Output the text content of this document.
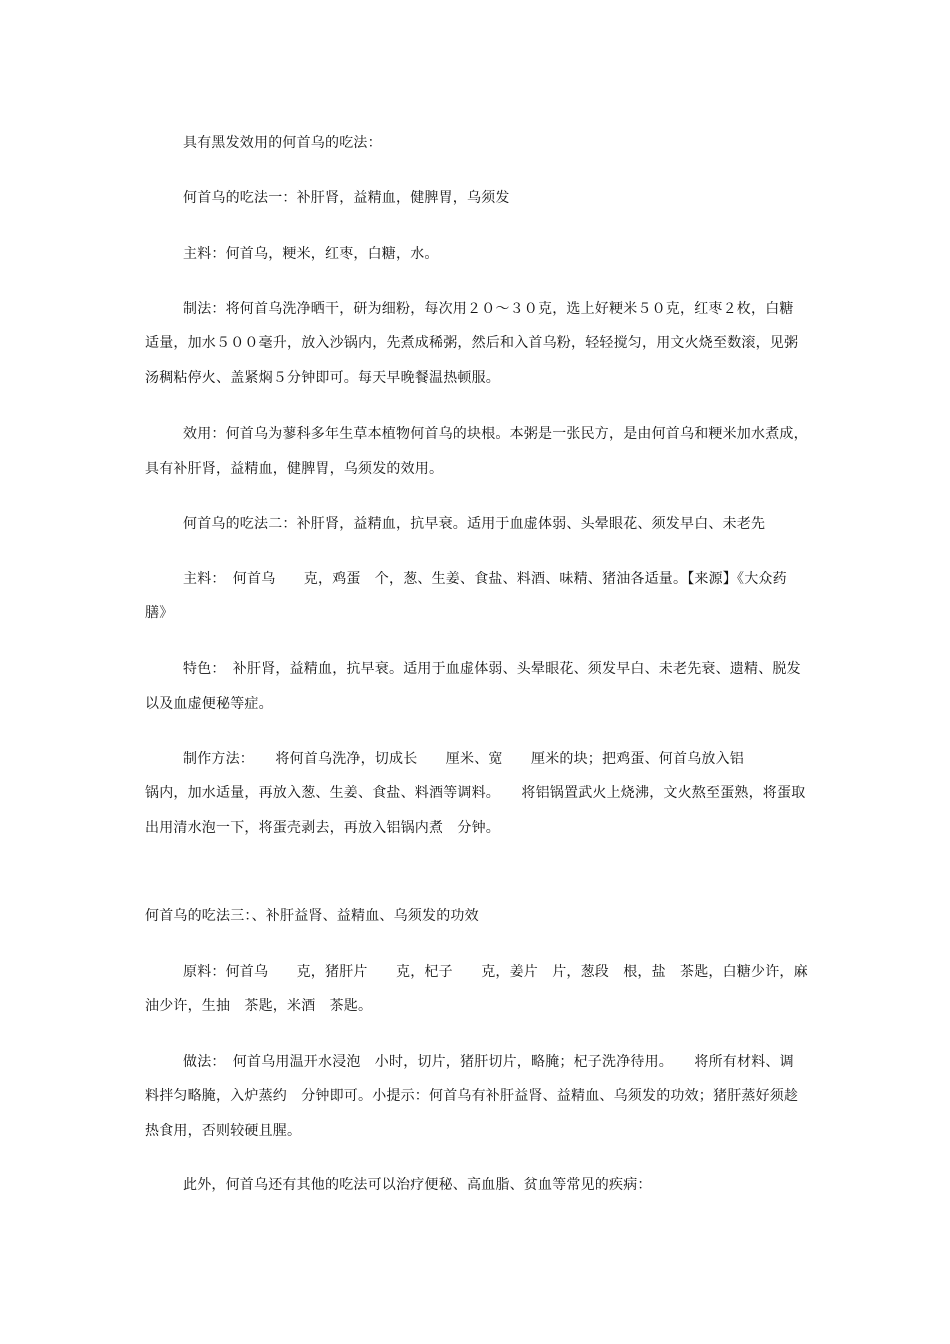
具有黑发效用的何首乌的吃法：
何首乌的吃法一：补肝肾，益精血，健脾胃，乌须发
主料：何首乌，粳米，红枣，白糖，水。
制法：将何首乌洗净晒干，研为细粉，每次用２０～３０克，选上好粳米５０克，红枣２枚，白糖
适量，加水５００毫升，放入沙锅内，先煮成稀粥，然后和入首乌粉，轻轻搅匀，用文火烧至数滚，见粥
汤稠粘停火、盖紧焖５分钟即可。每天早晚餐温热顿服。
效用：何首乌为蓼科多年生草本植物何首乌的块根。本粥是一张民方，是由何首乌和粳米加水煮成，
具有补肝肾，益精血，健脾胃，乌须发的效用。
何首乌的吃法二：补肝肾，益精血，抗早衰。适用于血虚体弱、头晕眼花、须发早白、未老先
主料：　何首乌　　克，鸡蛋　个，葱、生姜、食盐、料酒、味精、猪油各适量。【来源】《大众药
膳》
特色：　补肝肾，益精血，抗早衰。适用于血虚体弱、头晕眼花、须发早白、未老先衰、遗精、脱发
以及血虚便秘等症。
制作方法：　　将何首乌洗净，切成长　　厘米、宽　　厘米的块；把鸡蛋、何首乌放入铝
锅内，加水适量，再放入葱、生姜、食盐、料酒等调料。　　将铝锅置武火上烧沸，文火熬至蛋熟，将蛋取
出用清水泡一下，将蛋壳剥去，再放入铝锅内煮　分钟。
何首乌的吃法三：、补肝益肾、益精血、乌须发的功效
原料：何首乌　　克，猪肝片　　克，杞子　　克，姜片　片，葱段　根，盐　茶匙，白糖少许，麻
油少许，生抽　茶匙，米酒　茶匙。
做法：　何首乌用温开水浸泡　小时，切片，猪肝切片，略腌；杞子洗净待用。　　将所有材料、调
料拌匀略腌，入炉蒸约　分钟即可。小提示：何首乌有补肝益肾、益精血、乌须发的功效；猪肝蒸好须趁
热食用，否则较硬且腥。
此外，何首乌还有其他的吃法可以治疗便秘、高血脂、贫血等常见的疾病：
